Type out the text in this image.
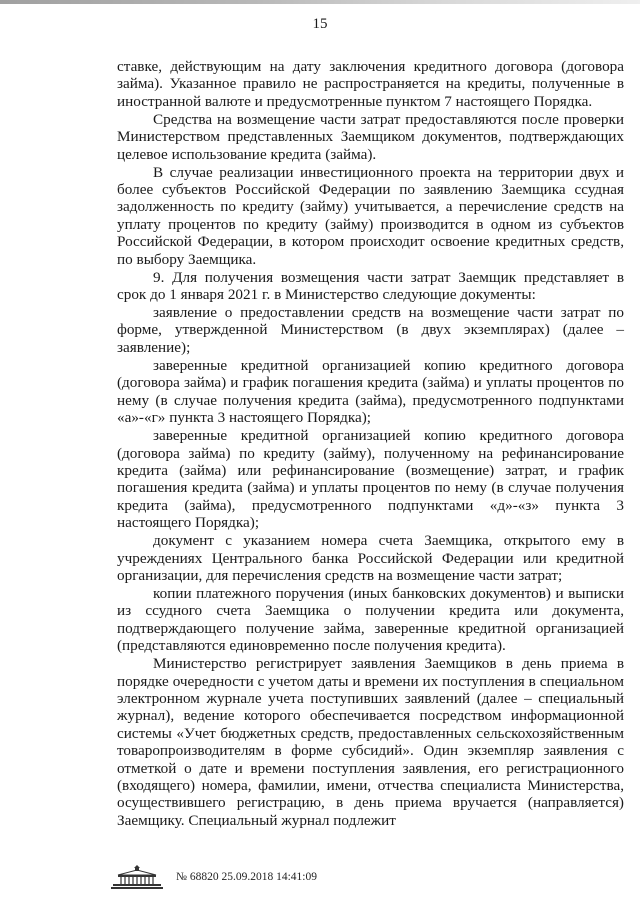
15

ставке, действующим на дату заключения кредитного договора (договора займа). Указанное правило не распространяется на кредиты, полученные в иностранной валюте и предусмотренные пунктом 7 настоящего Порядка.

Средства на возмещение части затрат предоставляются после проверки Министерством представленных Заемщиком документов, подтверждающих целевое использование кредита (займа).

В случае реализации инвестиционного проекта на территории двух и более субъектов Российской Федерации по заявлению Заемщика ссудная задолженность по кредиту (займу) учитывается, а перечисление средств на уплату процентов по кредиту (займу) производится в одном из субъектов Российской Федерации, в котором происходит освоение кредитных средств, по выбору Заемщика.

9. Для получения возмещения части затрат Заемщик представляет в срок до 1 января 2021 г. в Министерство следующие документы:

заявление о предоставлении средств на возмещение части затрат по форме, утвержденной Министерством (в двух экземплярах) (далее – заявление);

заверенные кредитной организацией копию кредитного договора (договора займа) и график погашения кредита (займа) и уплаты процентов по нему (в случае получения кредита (займа), предусмотренного подпунктами «а»-«г» пункта 3 настоящего Порядка);

заверенные кредитной организацией копию кредитного договора (договора займа) по кредиту (займу), полученному на рефинансирование кредита (займа) или рефинансирование (возмещение) затрат, и график погашения кредита (займа) и уплаты процентов по нему (в случае получения кредита (займа), предусмотренного подпунктами «д»-«з» пункта 3 настоящего Порядка);

документ с указанием номера счета Заемщика, открытого ему в учреждениях Центрального банка Российской Федерации или кредитной организации, для перечисления средств на возмещение части затрат;

копии платежного поручения (иных банковских документов) и выписки из ссудного счета Заемщика о получении кредита или документа, подтверждающего получение займа, заверенные кредитной организацией (представляются единовременно после получения кредита).

Министерство регистрирует заявления Заемщиков в день приема в порядке очередности с учетом даты и времени их поступления в специальном электронном журнале учета поступивших заявлений (далее – специальный журнал), ведение которого обеспечивается посредством информационной системы «Учет бюджетных средств, предоставленных сельскохозяйственным товаропроизводителям в форме субсидий». Один экземпляр заявления с отметкой о дате и времени поступления заявления, его регистрационного (входящего) номера, фамилии, имени, отчества специалиста Министерства, осуществившего регистрацию, в день приема вручается (направляется) Заемщику. Специальный журнал подлежит

№ 68820 25.09.2018 14:41:09
